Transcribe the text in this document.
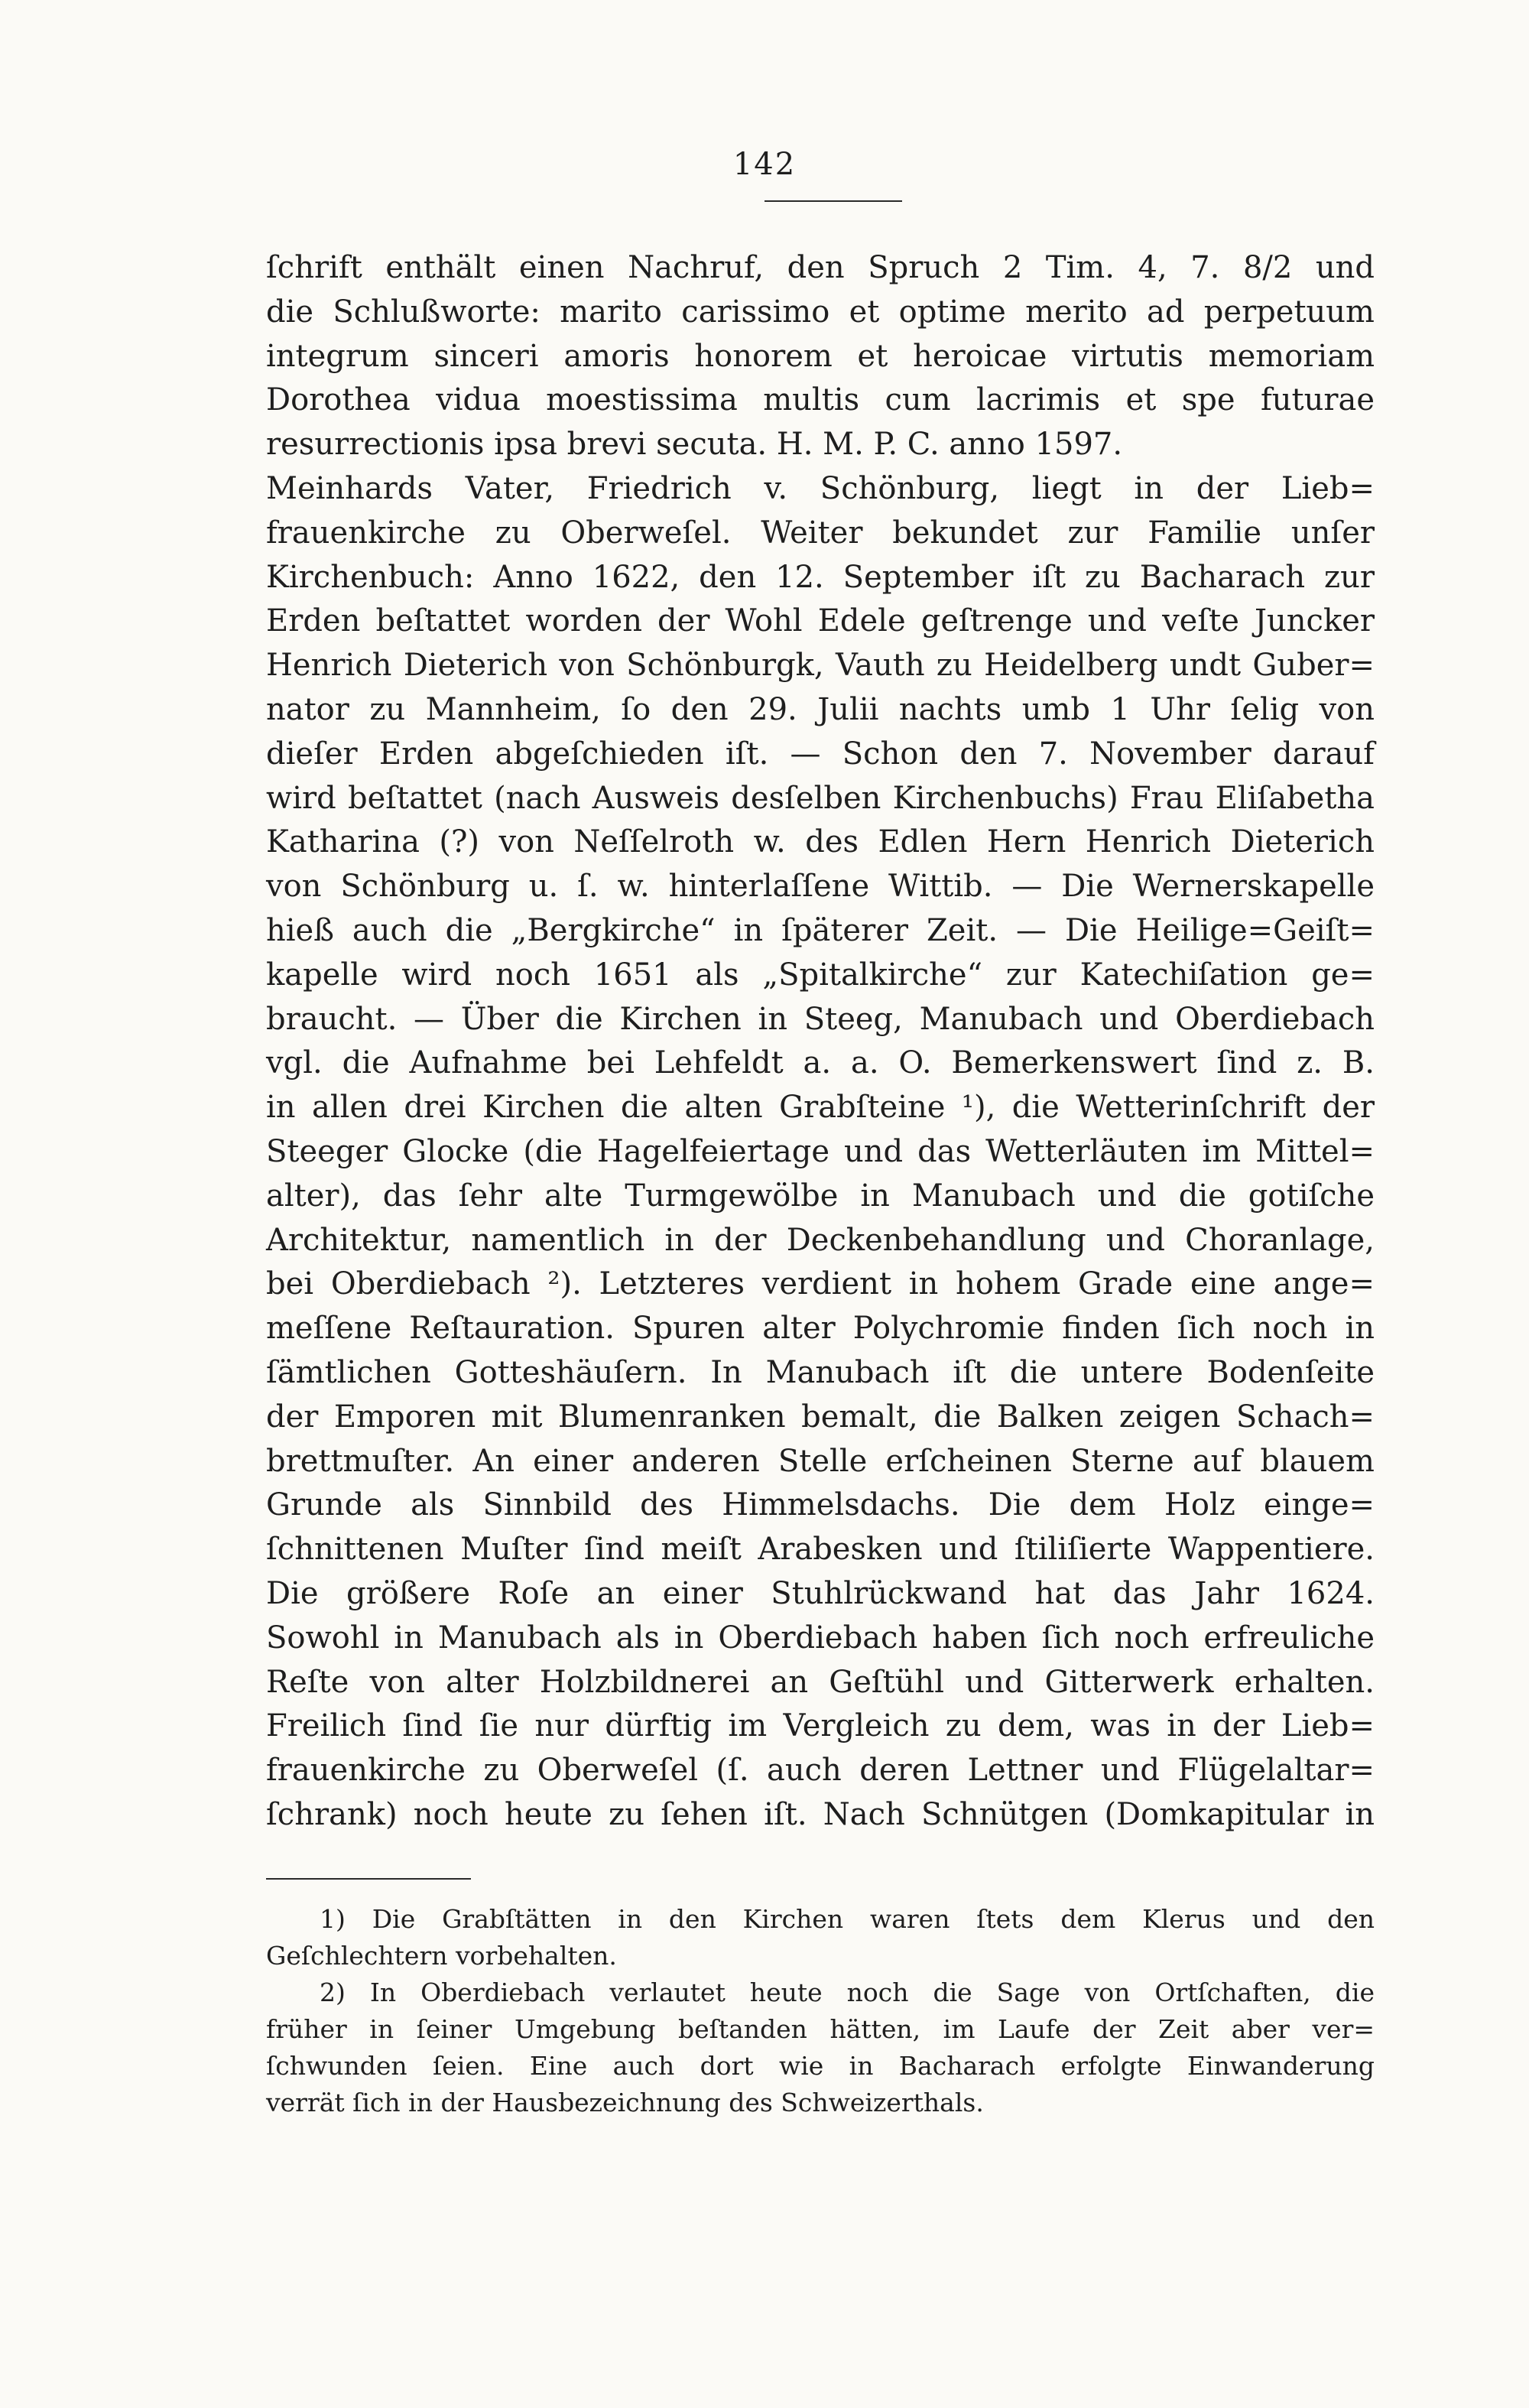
142
ſchrift enthält einen Nachruf, den Spruch 2 Tim. 4, 7. 8/2 und
die Schlußworte: marito carissimo et optime merito ad perpetuum
integrum sinceri amoris honorem et heroicae virtutis memoriam
Dorothea vidua moestissima multis cum lacrimis et spe futurae
resurrectionis ipsa brevi secuta. H. M. P. C. anno 1597.
Meinhards Vater, Friedrich v. Schönburg, liegt in der Lieb=
frauenkirche zu Oberweſel. Weiter bekundet zur Familie unſer
Kirchenbuch: Anno 1622, den 12. September iſt zu Bacharach zur
Erden beſtattet worden der Wohl Edele geſtrenge und veſte Juncker
Henrich Dieterich von Schönburgk, Vauth zu Heidelberg undt Guber=
nator zu Mannheim, ſo den 29. Julii nachts umb 1 Uhr ſelig von
dieſer Erden abgeſchieden iſt. — Schon den 7. November darauf
wird beſtattet (nach Ausweis desſelben Kirchenbuchs) Frau Eliſabetha
Katharina (?) von Neſſelroth w. des Edlen Hern Henrich Dieterich
von Schönburg u. ſ. w. hinterlaſſene Wittib. — Die Wernerskapelle
hieß auch die „Bergkirche“ in ſpäterer Zeit. — Die Heilige=Geiſt=
kapelle wird noch 1651 als „Spitalkirche“ zur Katechiſation ge=
braucht. — Über die Kirchen in Steeg, Manubach und Oberdiebach
vgl. die Aufnahme bei Lehfeldt a. a. O. Bemerkenswert ſind z. B.
in allen drei Kirchen die alten Grabſteine ¹), die Wetterinſchrift der
Steeger Glocke (die Hagelfeiertage und das Wetterläuten im Mittel=
alter), das ſehr alte Turmgewölbe in Manubach und die gotiſche
Architektur, namentlich in der Deckenbehandlung und Choranlage,
bei Oberdiebach ²). Letzteres verdient in hohem Grade eine ange=
meſſene Reſtauration. Spuren alter Polychromie finden ſich noch in
ſämtlichen Gotteshäuſern. In Manubach iſt die untere Bodenſeite
der Emporen mit Blumenranken bemalt, die Balken zeigen Schach=
brettmuſter. An einer anderen Stelle erſcheinen Sterne auf blauem
Grunde als Sinnbild des Himmelsdachs. Die dem Holz einge=
ſchnittenen Muſter ſind meiſt Arabesken und ſtiliſierte Wappentiere.
Die größere Roſe an einer Stuhlrückwand hat das Jahr 1624.
Sowohl in Manubach als in Oberdiebach haben ſich noch erfreuliche
Reſte von alter Holzbildnerei an Geſtühl und Gitterwerk erhalten.
Freilich ſind ſie nur dürftig im Vergleich zu dem, was in der Lieb=
frauenkirche zu Oberweſel (ſ. auch deren Lettner und Flügelaltar=
ſchrank) noch heute zu ſehen iſt. Nach Schnütgen (Domkapitular in
1) Die Grabſtätten in den Kirchen waren ſtets dem Klerus und den
Geſchlechtern vorbehalten.
2) In Oberdiebach verlautet heute noch die Sage von Ortſchaften, die
früher in ſeiner Umgebung beſtanden hätten, im Laufe der Zeit aber ver=
ſchwunden ſeien. Eine auch dort wie in Bacharach erfolgte Einwanderung
verrät ſich in der Hausbezeichnung des Schweizerthals.
